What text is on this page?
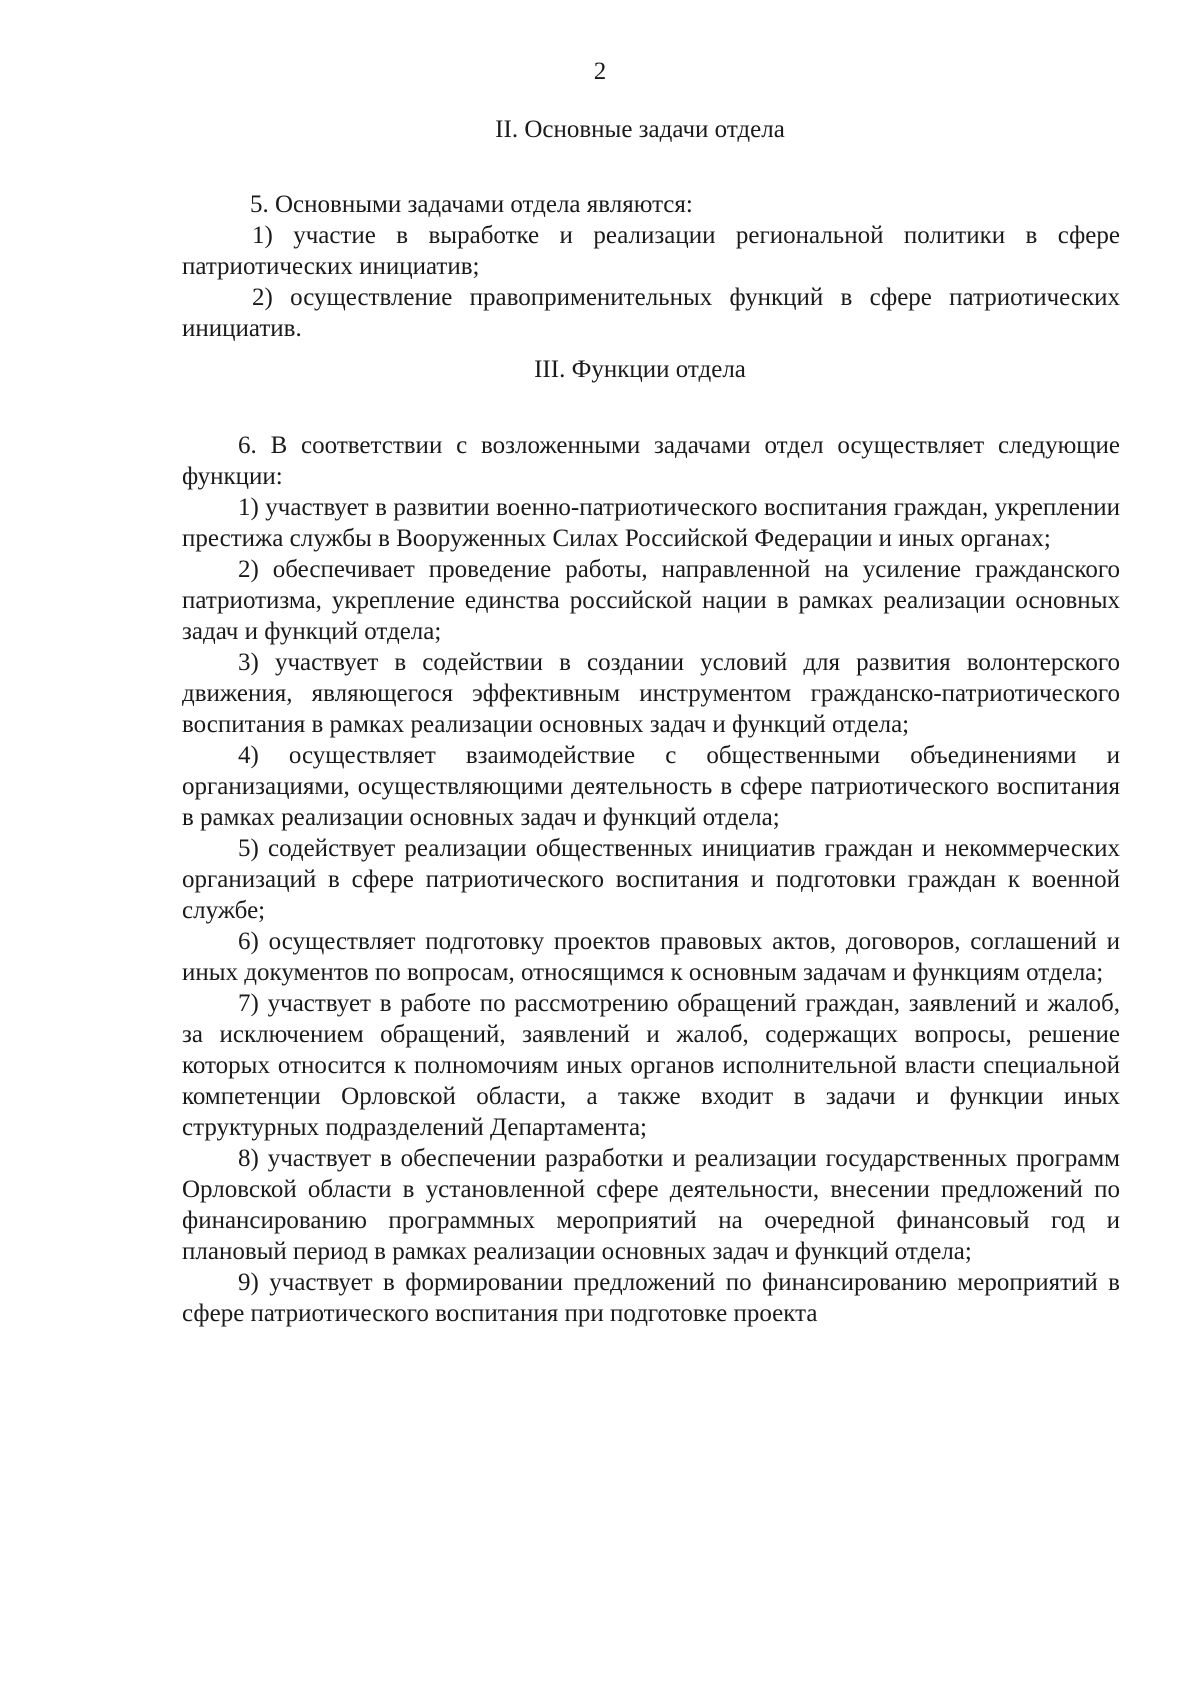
2
II. Основные задачи отдела

5. Основными задачами отдела являются:

1) участие в выработке и реализации региональной политики в сфере патриотических инициатив;

2) осуществление правоприменительных функций в сфере патриотических инициатив.

III. Функции отдела

6. В соответствии с возложенными задачами отдел осуществляет следующие функции:

1) участвует в развитии военно-патриотического воспитания граждан, укреплении престижа службы в Вооруженных Силах Российской Федерации и иных органах;

2) обеспечивает проведение работы, направленной на усиление гражданского патриотизма, укрепление единства российской нации в рамках реализации основных задач и функций отдела;

3) участвует в содействии в создании условий для развития волонтерского движения, являющегося эффективным инструментом гражданско-патриотического воспитания в рамках реализации основных задач и функций отдела;

4) осуществляет взаимодействие с общественными объединениями и организациями, осуществляющими деятельность в сфере патриотического воспитания в рамках реализации основных задач и функций отдела;

5) содействует реализации общественных инициатив граждан и некоммерческих организаций в сфере патриотического воспитания и подготовки граждан к военной службе;

6) осуществляет подготовку проектов правовых актов, договоров, соглашений и иных документов по вопросам, относящимся к основным задачам и функциям отдела;

7) участвует в работе по рассмотрению обращений граждан, заявлений и жалоб, за исключением обращений, заявлений и жалоб, содержащих вопросы, решение которых относится к полномочиям иных органов исполнительной власти специальной компетенции Орловской области, а также входит в задачи и функции иных структурных подразделений Департамента;

8) участвует в обеспечении разработки и реализации государственных программ Орловской области в установленной сфере деятельности, внесении предложений по финансированию программных мероприятий на очередной финансовый год и плановый период в рамках реализации основных задач и функций отдела;

9) участвует в формировании предложений по финансированию мероприятий в сфере патриотического воспитания при подготовке проекта
